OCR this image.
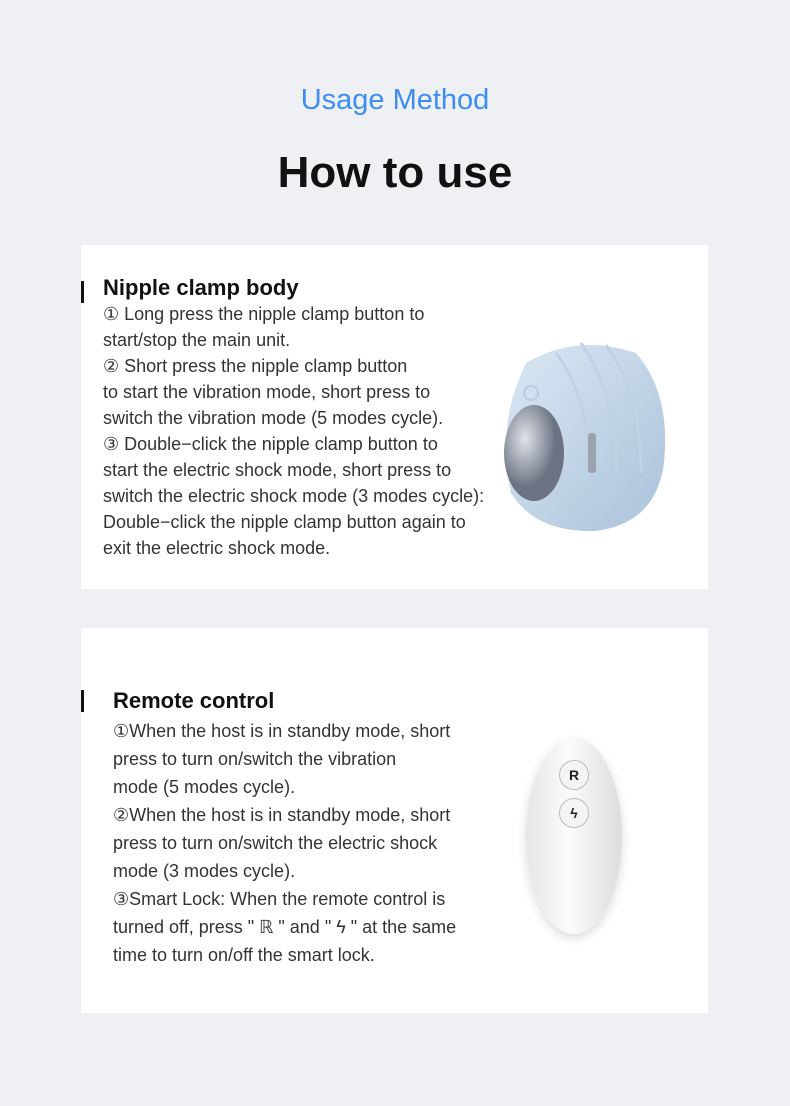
Usage Method
How to use
Nipple clamp body
① Long press the nipple clamp button to
start/stop the main unit.
② Short press the nipple clamp button
to start the vibration mode, short press to
switch the vibration mode (5 modes cycle).
③ Double−click the nipple clamp button to
start the electric shock mode, short press to
switch the electric shock mode (3 modes cycle):
Double−click the nipple clamp button again to
exit the electric shock mode.
Remote control
①When the host is in standby mode, short
press to turn on/switch the vibration
mode (5 modes cycle).
②When the host is in standby mode, short
press to turn on/switch the electric shock
mode (3 modes cycle).
③Smart Lock: When the remote control is
turned off, press " ℝ " and " ϟ " at the same
time to turn on/off the smart lock.
R
ϟ
